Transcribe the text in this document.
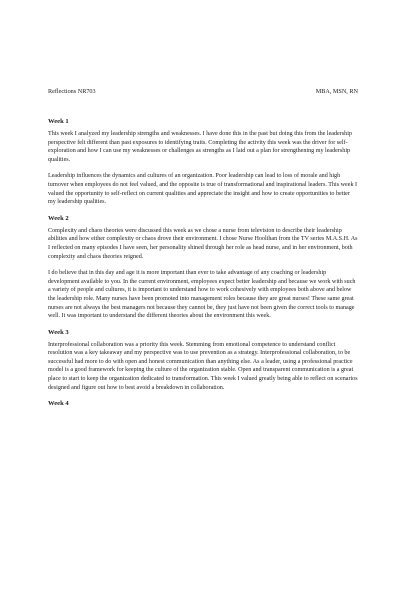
Reflections NR703	MBA, MSN, RN
Week 1

This week I analyzed my leadership strengths and weaknesses. I have done this in the past but doing this from the leadership perspective felt different than past exposures to identifying traits. Completing the activity this week was the driver for self- exploration and how I can use my weaknesses or challenges as strengths as I laid out a plan for strengthening my leadership qualities.

Leadership influences the dynamics and cultures of an organization. Poor leadership can lead to loss of morale and high turnover when employees do not feel valued, and the opposite is true of transformational and inspirational leaders. This week I valued the opportunity to self-reflect on current qualities and appreciate the insight and how to create opportunities to better my leadership qualities.

Week 2

Complexity and chaos theories were discussed this week as we chose a nurse from television to describe their leadership abilities and how either complexity or chaos drove their environment. I chose Nurse Hoolihan from the TV series M.A.S.H. As I reflected on many episodes I have seen, her personality shined through her role as head nurse, and in her environment, both complexity and chaos theories reigned.

I do believe that in this day and age it is more important than ever to take advantage of any coaching or leadership development available to you. In the current environment, employees expect better leadership and because we work with such a variety of people and cultures, it is important to understand how to work cohesively with employees both above and below the leadership role. Many nurses have been promoted into management roles because they are great nurses! These same great nurses are not always the best managers not because they cannot be, they just have not been given the correct tools to manage well. It was important to understand the different theories about the environment this week.

Week 3

Interprofessional collaboration was a priority this week. Stemming from emotional competence to understand conflict resolution was a key takeaway and my perspective was to use prevention as a strategy. Interprofessional collaboration, to be successful had more to do with open and honest communication than anything else. As a leader, using a professional practice model is a good framework for keeping the culture of the organization stable. Open and transparent communication is a great place to start to keep the organization dedicated to transformation. This week I valued greatly being able to reflect on scenarios designed and figure out how to best avoid a breakdown in collaboration.

Week 4
